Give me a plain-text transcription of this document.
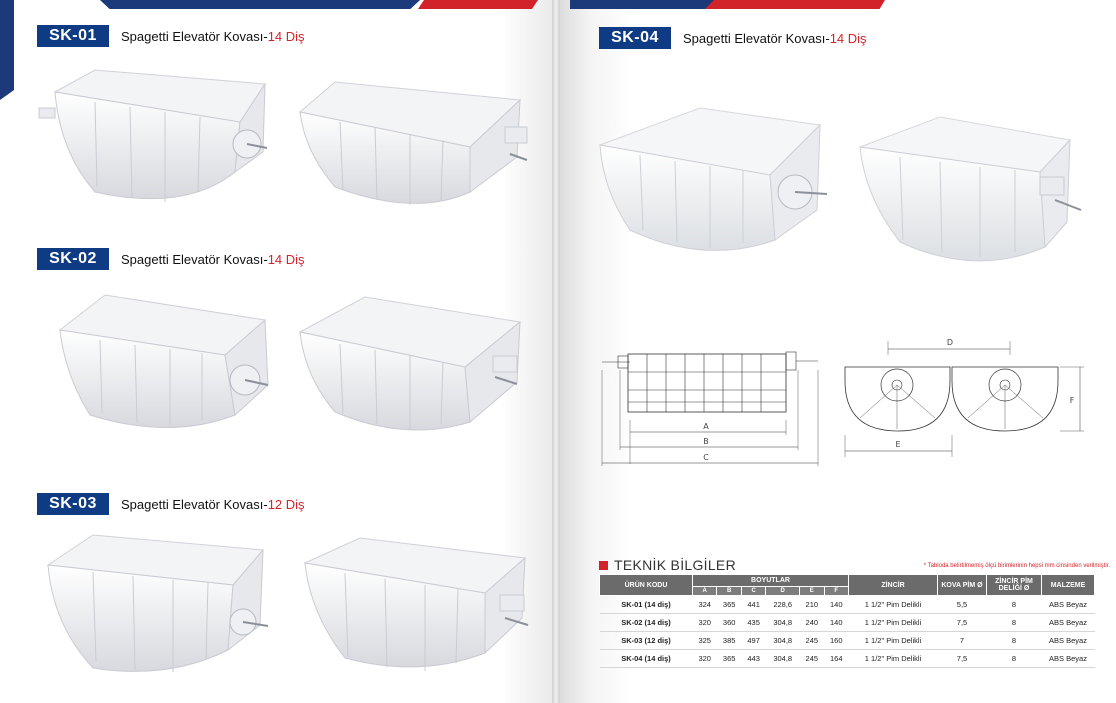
SK-01	Spagetti Elevatör Kovası-14 Diş
SK-02	Spagetti Elevatör Kovası-14 Diş
SK-03	Spagetti Elevatör Kovası-12 Diş
SK-04	Spagetti Elevatör Kovası-14 Diş
A
B
C
D
F
E
TEKNİK BİLGİLER	* Tabloda belirtilmemiş ölçü birimlerinin hepsi mm cinsinden verilmiştir.
ÜRÜN KODU	BOYUTLAR						ZİNCİR	KOVA PİM Ø	ZİNCİR PİM DELİĞİ Ø	MALZEME
	A	B	C	D	E	F				
SK-01 (14 diş)	324	365	441	228,6	210	140	1 1/2" Pim Delikli	5,5	8	ABS Beyaz
SK-02 (14 diş)	320	360	435	304,8	240	140	1 1/2" Pim Delikli	7,5	8	ABS Beyaz
SK-03 (12 diş)	325	385	497	304,8	245	160	1 1/2" Pim Delikli	7	8	ABS Beyaz
SK-04 (14 diş)	320	365	443	304,8	245	164	1 1/2" Pim Delikli	7,5	8	ABS Beyaz
